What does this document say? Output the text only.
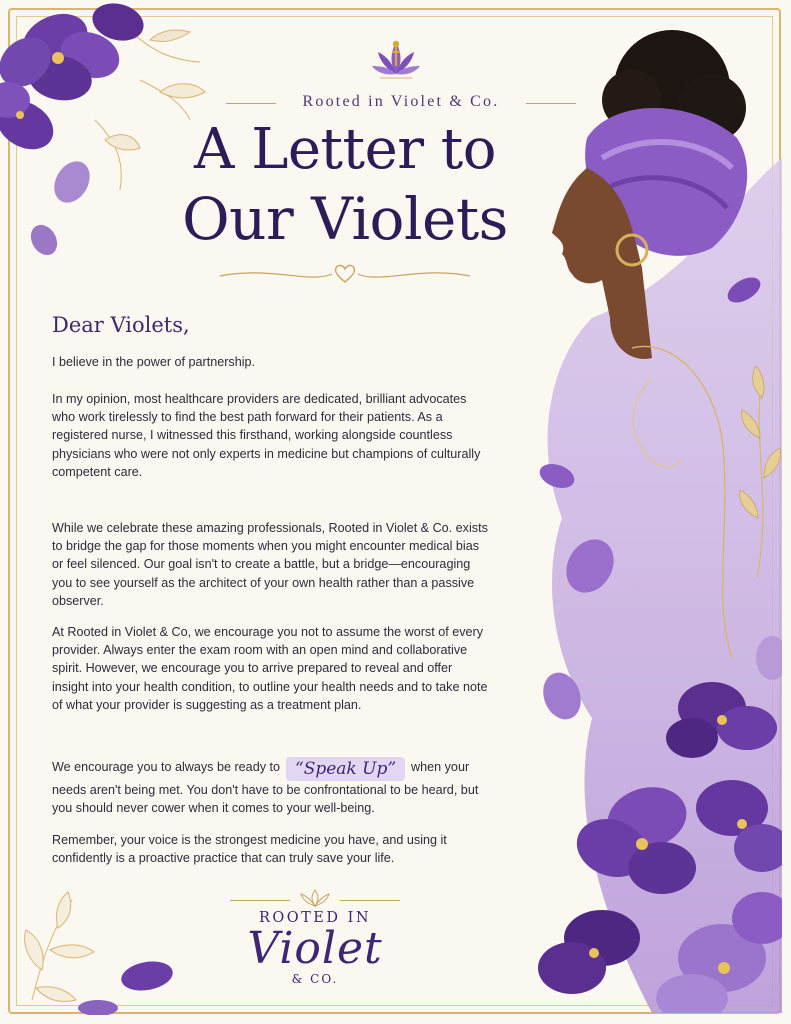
Rooted in Violet & Co.
A Letter to
Our Violets
Dear Violets,
I believe in the power of partnership.
In my opinion, most healthcare providers are dedicated, brilliant advocates who work tirelessly to find the best path forward for their patients. As a registered nurse, I witnessed this firsthand, working alongside countless physicians who were not only experts in medicine but champions of culturally competent care.
While we celebrate these amazing professionals, Rooted in Violet & Co. exists to bridge the gap for those moments when you might encounter medical bias or feel silenced. Our goal isn't to create a battle, but a bridge—encouraging you to see yourself as the architect of your own health rather than a passive observer.
At Rooted in Violet & Co, we encourage you not to assume the worst of every provider. Always enter the exam room with an open mind and collaborative spirit. However, we encourage you to arrive prepared to reveal and offer insight into your health condition, to outline your health needs and to take note of what your provider is suggesting as a treatment plan.
We encourage you to always be ready to “Speak Up” when your needs aren't being met. You don't have to be confrontational to be heard, but you should never cower when it comes to your well-being.
Remember, your voice is the strongest medicine you have, and using it confidently is a proactive practice that can truly save your life.
ROOTED IN
Violet
& CO.
